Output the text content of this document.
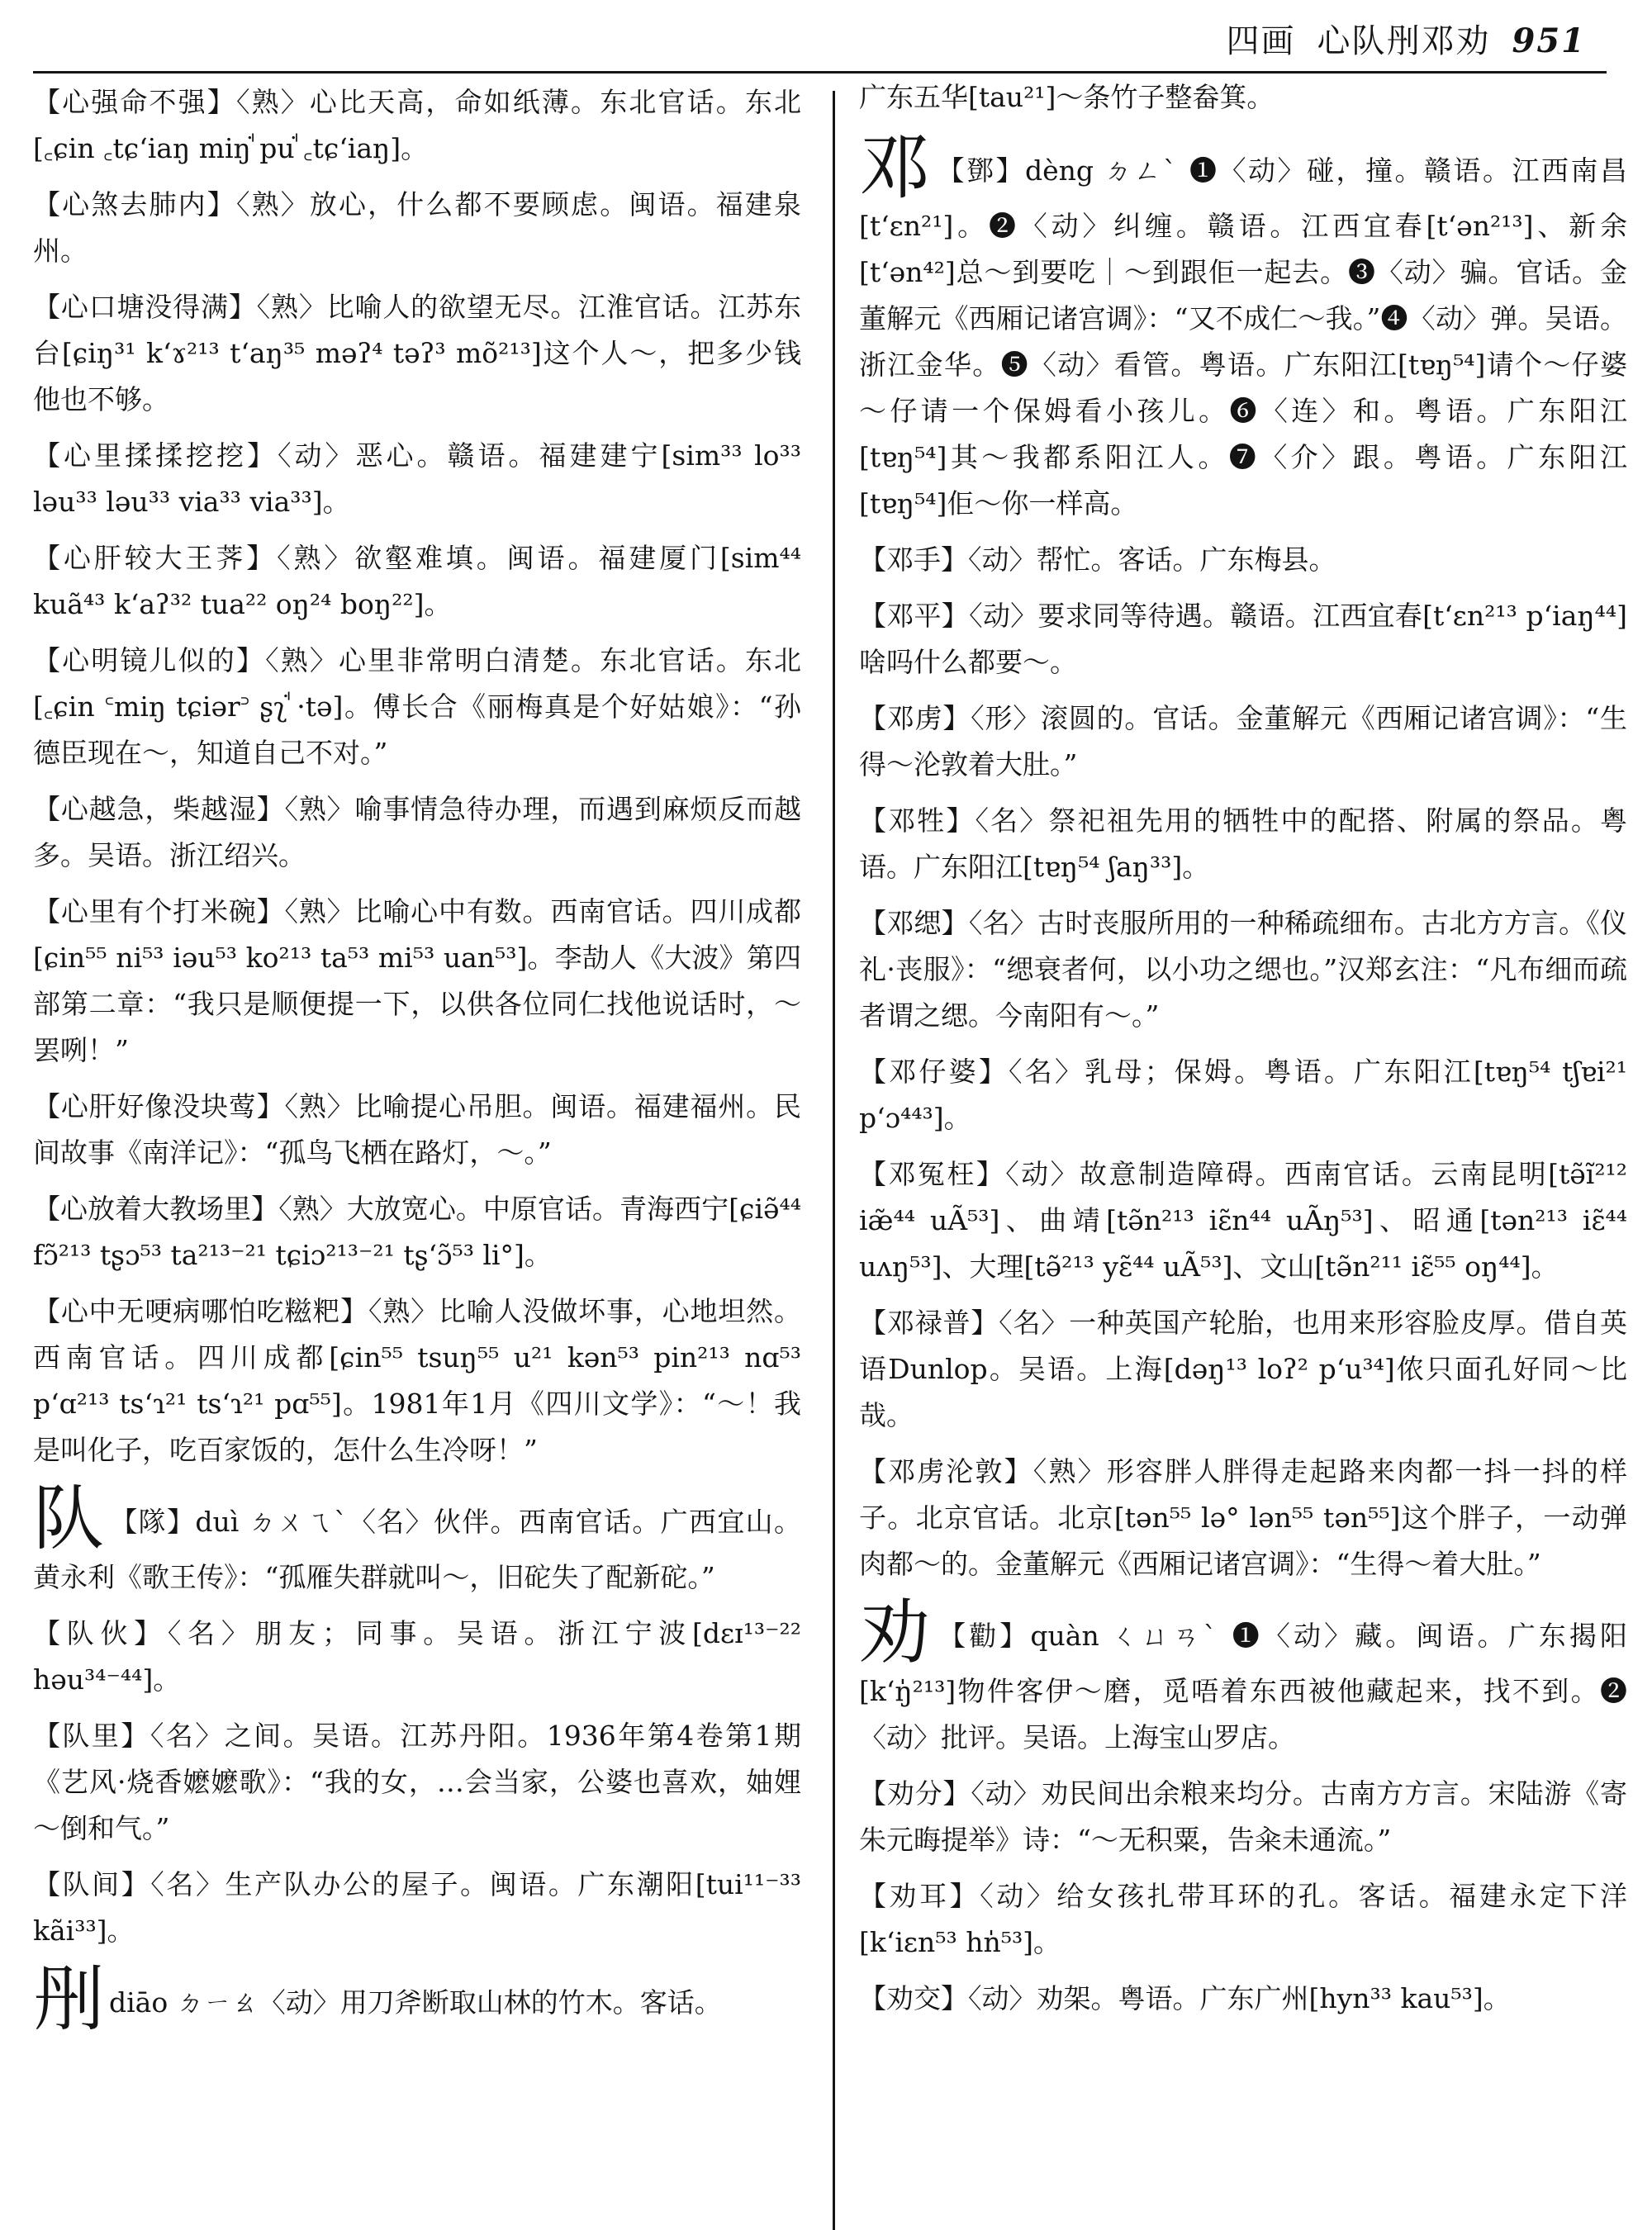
四画 心队刐邓劝 951

【心强命不强】〈熟〉心比天高，命如纸薄。东北官话。东北[꜀ɕin ꜀tɕʻiaŋ miŋꜗ puꜗ ꜀tɕʻiaŋ]。

【心煞去肺内】〈熟〉放心，什么都不要顾虑。闽语。福建泉州。

【心口塘没得满】〈熟〉比喻人的欲望无尽。江淮官话。江苏东台[ɕiŋ³¹ kʻɤ²¹³ tʻaŋ³⁵ məʔ⁴ təʔ³ mõ²¹³]这个人～，把多少钱他也不够。

【心里揉揉挖挖】〈动〉恶心。赣语。福建建宁[sim³³ lo³³ ləu³³ ləu³³ via³³ via³³]。

【心肝较大王荠】〈熟〉欲壑难填。闽语。福建厦门[sim⁴⁴ kuã⁴³ kʻaʔ³² tua²² oŋ²⁴ boŋ²²]。

【心明镜儿似的】〈熟〉心里非常明白清楚。东北官话。东北[꜀ɕin ꜂miŋ tɕiər꜄ ʂʅꜗ ·tə]。傅长合《丽梅真是个好姑娘》：“孙德臣现在～，知道自己不对。”

【心越急，柴越湿】〈熟〉喻事情急待办理，而遇到麻烦反而越多。吴语。浙江绍兴。

【心里有个打米碗】〈熟〉比喻心中有数。西南官话。四川成都[ɕin⁵⁵ ni⁵³ iəu⁵³ ko²¹³ ta⁵³ mi⁵³ uan⁵³]。李劼人《大波》第四部第二章：“我只是顺便提一下，以供各位同仁找他说话时，～罢咧！”

【心肝好像没块莺】〈熟〉比喻提心吊胆。闽语。福建福州。民间故事《南洋记》：“孤鸟飞栖在路灯，～。”

【心放着大教场里】〈熟〉大放宽心。中原官话。青海西宁[ɕiə̃⁴⁴ fɔ̃²¹³ tʂɔ⁵³ ta²¹³⁻²¹ tɕiɔ²¹³⁻²¹ tʂʻɔ̃⁵³ li°]。

【心中无哽病哪怕吃糍粑】〈熟〉比喻人没做坏事，心地坦然。西南官话。四川成都[ɕin⁵⁵ tsuŋ⁵⁵ u²¹ kən⁵³ pin²¹³ nɑ⁵³ pʻɑ²¹³ tsʻɿ²¹ tsʻɿ²¹ pɑ⁵⁵]。1981年1月《四川文学》：“～！我是叫化子，吃百家饭的，怎什么生冷呀！”

队 【隊】duì ㄉㄨㄟˋ〈名〉伙伴。西南官话。广西宜山。黄永利《歌王传》：“孤雁失群就叫～，旧砣失了配新砣。”

【队伙】〈名〉朋友；同事。吴语。浙江宁波[dɛɪ¹³⁻²² həu³⁴⁻⁴⁴]。

【队里】〈名〉之间。吴语。江苏丹阳。1936年第4卷第1期《艺风·烧香嬷嬷歌》：“我的女，…会当家，公婆也喜欢，妯娌～倒和气。”

【队间】〈名〉生产队办公的屋子。闽语。广东潮阳[tui¹¹⁻³³ kãi³³]。

刐diāo ㄉㄧㄠ〈动〉用刀斧断取山林的竹木。客话。

广东五华[tau²¹]～条竹子整畚箕。

邓 【鄧】dèng ㄉㄥˋ ❶〈动〉碰，撞。赣语。江西南昌[tʻɛn²¹]。❷〈动〉纠缠。赣语。江西宜春[tʻən²¹³]、新余[tʻən⁴²]总～到要吃｜～到跟佢一起去。❸〈动〉骗。官话。金董解元《西厢记诸宫调》：“又不成仁～我。”❹〈动〉弹。吴语。浙江金华。❺〈动〉看管。粤语。广东阳江[tɐŋ⁵⁴]请个～仔婆～仔请一个保姆看小孩儿。❻〈连〉和。粤语。广东阳江[tɐŋ⁵⁴]其～我都系阳江人。❼〈介〉跟。粤语。广东阳江[tɐŋ⁵⁴]佢～你一样高。

【邓手】〈动〉帮忙。客话。广东梅县。

【邓平】〈动〉要求同等待遇。赣语。江西宜春[tʻɛn²¹³ pʻiaŋ⁴⁴]啥吗什么都要～。

【邓虏】〈形〉滚圆的。官话。金董解元《西厢记诸宫调》：“生得～沦敦着大肚。”

【邓牲】〈名〉祭祀祖先用的牺牲中的配搭、附属的祭品。粤语。广东阳江[tɐŋ⁵⁴ ʃaŋ³³]。

【邓缌】〈名〉古时丧服所用的一种稀疏细布。古北方方言。《仪礼·丧服》：“缌衰者何，以小功之缌也。”汉郑玄注：“凡布细而疏者谓之缌。今南阳有～。”

【邓仔婆】〈名〉乳母；保姆。粤语。广东阳江[tɐŋ⁵⁴ tʃɐi²¹ pʻɔ⁴⁴³]。

【邓冤枉】〈动〉故意制造障碍。西南官话。云南昆明[tə̃ĩ²¹² iæ̃⁴⁴ uÃ⁵³]、曲靖[tə̃n²¹³ iɛ̃n⁴⁴ uÃŋ⁵³]、昭通[tən²¹³ iɛ̃⁴⁴ uʌŋ⁵³]、大理[tə̃²¹³ yɛ̃⁴⁴ uÃ⁵³]、文山[tə̃n²¹¹ iɛ̃⁵⁵ oŋ⁴⁴]。

【邓禄普】〈名〉一种英国产轮胎，也用来形容脸皮厚。借自英语Dunlop。吴语。上海[dəŋ¹³ loʔ² pʻu³⁴]侬只面孔好同～比哉。

【邓虏沦敦】〈熟〉形容胖人胖得走起路来肉都一抖一抖的样子。北京官话。北京[tən⁵⁵ lə° lən⁵⁵ tən⁵⁵]这个胖子，一动弹肉都～的。金董解元《西厢记诸宫调》：“生得～着大肚。”

劝 【勸】quàn ㄑㄩㄢˋ ❶〈动〉藏。闽语。广东揭阳[kʻŋ̍²¹³]物件客伊～磨，觅唔着东西被他藏起来，找不到。❷〈动〉批评。吴语。上海宝山罗店。

【劝分】〈动〉劝民间出余粮来均分。古南方方言。宋陆游《寄朱元晦提举》诗：“～无积粟，告籴未通流。”

【劝耳】〈动〉给女孩扎带耳环的孔。客话。福建永定下洋[kʻiɛn⁵³ hn̍⁵³]。

【劝交】〈动〉劝架。粤语。广东广州[hyn³³ kau⁵³]。
